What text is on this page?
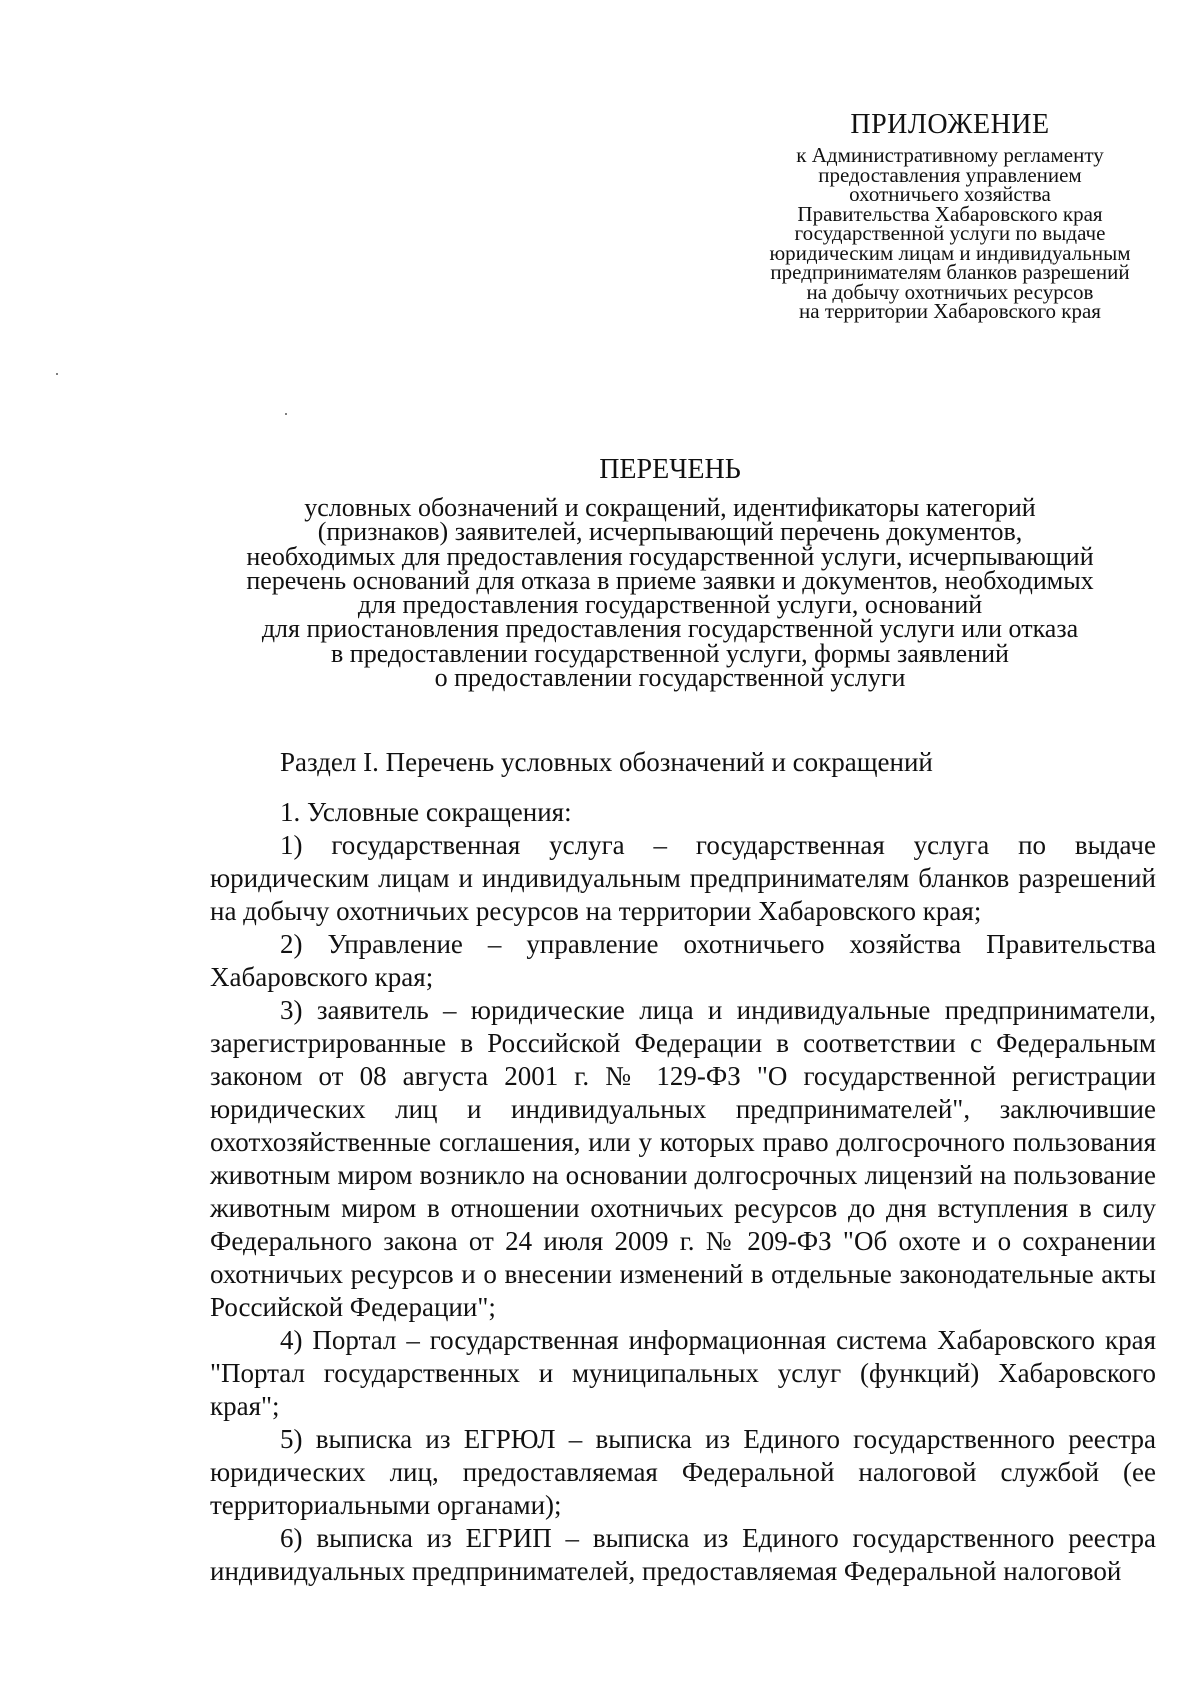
ПРИЛОЖЕНИЕ
к Административному регламенту
предоставления управлением
охотничьего хозяйства
Правительства Хабаровского края
государственной услуги по выдаче
юридическим лицам и индивидуальным
предпринимателям бланков разрешений
на добычу охотничьих ресурсов
на территории Хабаровского края
ПЕРЕЧЕНЬ
условных обозначений и сокращений, идентификаторы категорий
(признаков) заявителей, исчерпывающий перечень документов,
необходимых для предоставления государственной услуги, исчерпывающий
перечень оснований для отказа в приеме заявки и документов, необходимых
для предоставления государственной услуги, оснований
для приостановления предоставления государственной услуги или отказа
в предоставлении государственной услуги, формы заявлений
о предоставлении государственной услуги
Раздел I. Перечень условных обозначений и сокращений

1. Условные сокращения:

1) государственная услуга – государственная услуга по выдаче юридическим лицам и индивидуальным предпринимателям бланков разрешений на добычу охотничьих ресурсов на территории Хабаровского края;

2) Управление – управление охотничьего хозяйства Правительства Хабаровского края;

3) заявитель – юридические лица и индивидуальные предприниматели, зарегистрированные в Российской Федерации в соответствии с Федеральным законом от 08 августа 2001 г. № 129-ФЗ "О государственной регистрации юридических лиц и индивидуальных предпринимателей", заключившие охотхозяйственные соглашения, или у которых право долгосрочного пользования животным миром возникло на основании долгосрочных лицензий на пользование животным миром в отношении охотничьих ресурсов до дня вступления в силу Федерального закона от 24 июля 2009 г. № 209-ФЗ "Об охоте и о сохранении охотничьих ресурсов и о внесении изменений в отдельные законодательные акты Российской Федерации";

4) Портал – государственная информационная система Хабаровского края "Портал государственных и муниципальных услуг (функций) Хабаровского края";

5) выписка из ЕГРЮЛ – выписка из Единого государственного реестра юридических лиц, предоставляемая Федеральной налоговой службой (ее территориальными органами);

6) выписка из ЕГРИП – выписка из Единого государственного реестра индивидуальных предпринимателей, предоставляемая Федеральной налоговой
